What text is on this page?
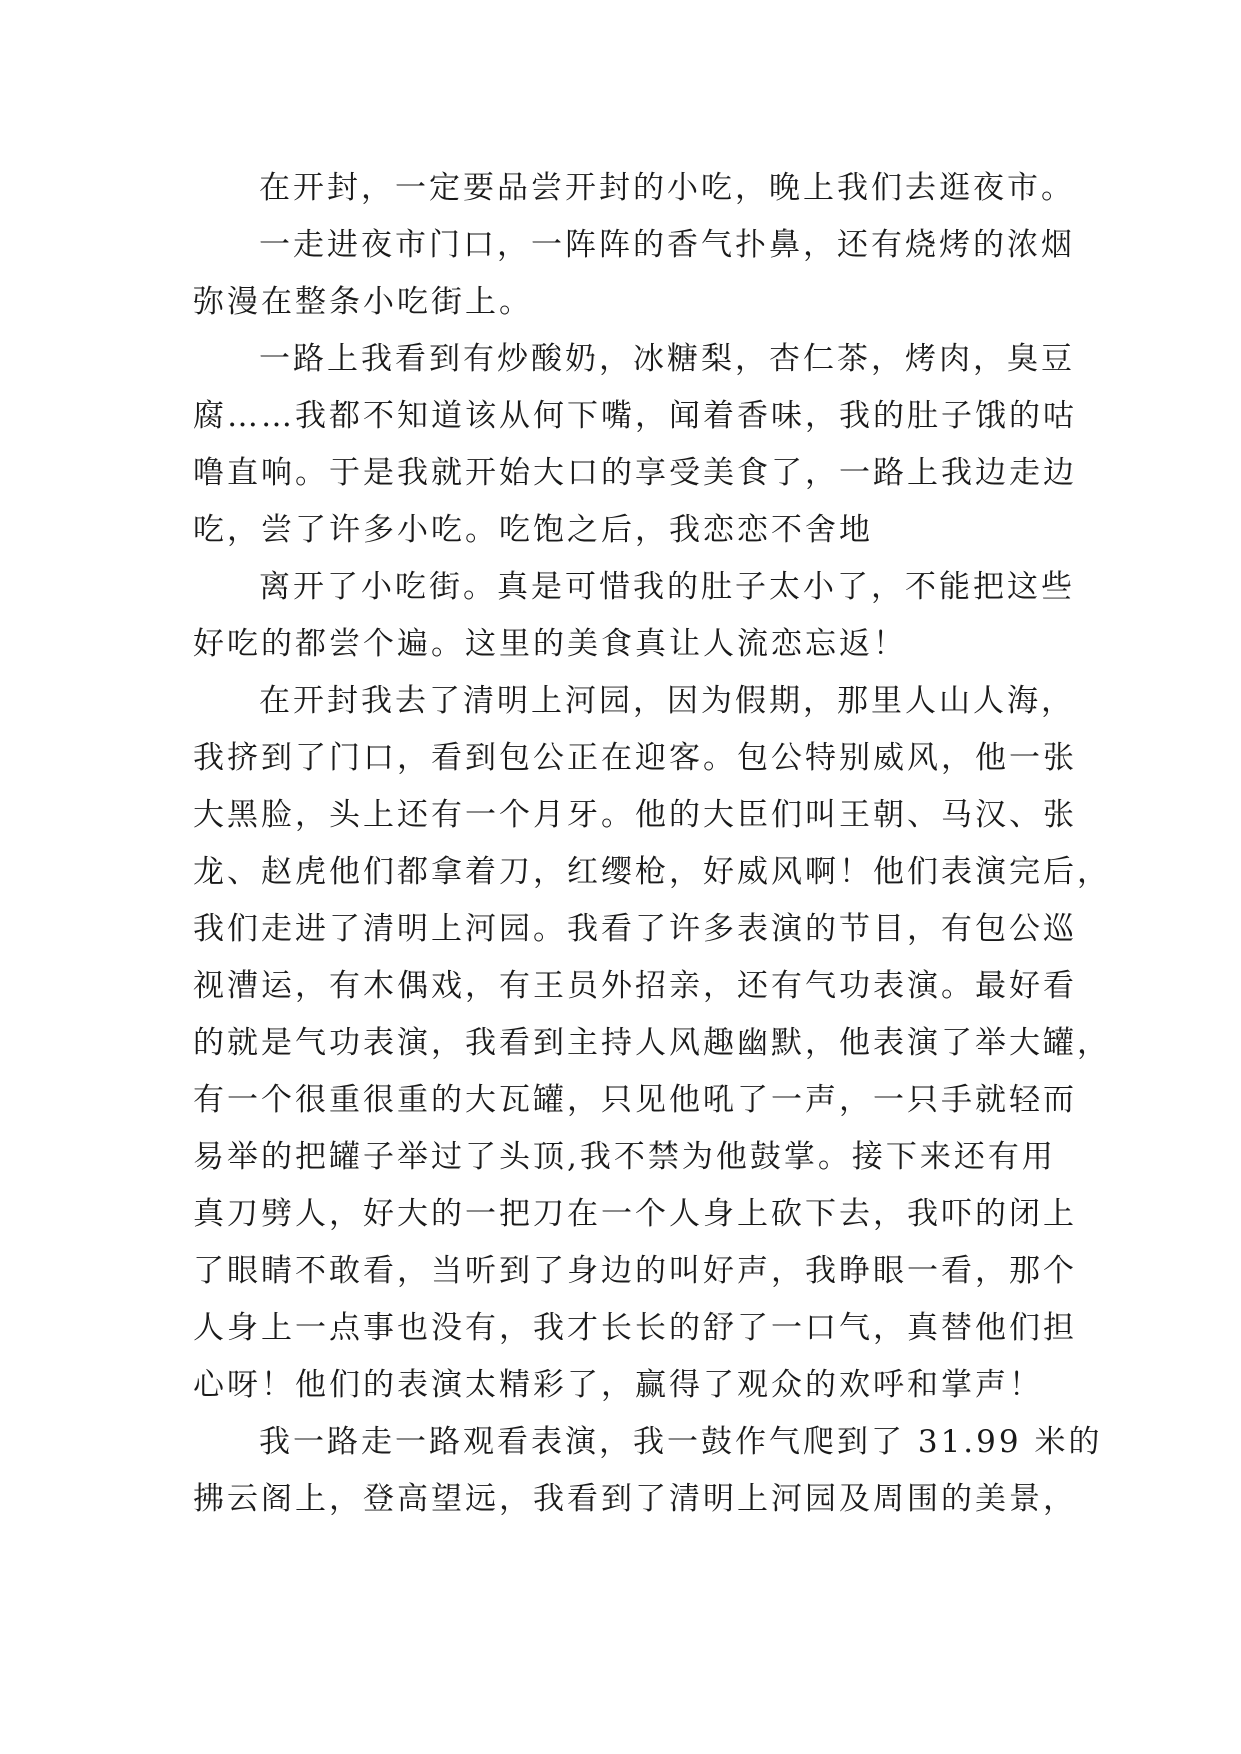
在开封，一定要品尝开封的小吃，晚上我们去逛夜市。

一走进夜市门口，一阵阵的香气扑鼻，还有烧烤的浓烟
弥漫在整条小吃街上。

一路上我看到有炒酸奶，冰糖梨，杏仁茶，烤肉，臭豆
腐……我都不知道该从何下嘴，闻着香味，我的肚子饿的咕
噜直响。于是我就开始大口的享受美食了，一路上我边走边
吃，尝了许多小吃。吃饱之后，我恋恋不舍地

离开了小吃街。真是可惜我的肚子太小了，不能把这些
好吃的都尝个遍。这里的美食真让人流恋忘返！

在开封我去了清明上河园，因为假期，那里人山人海，
我挤到了门口，看到包公正在迎客。包公特别威风，他一张
大黑脸，头上还有一个月牙。他的大臣们叫王朝、马汉、张
龙、赵虎他们都拿着刀，红缨枪，好威风啊！他们表演完后，
我们走进了清明上河园。我看了许多表演的节目，有包公巡
视漕运，有木偶戏，有王员外招亲，还有气功表演。最好看
的就是气功表演，我看到主持人风趣幽默，他表演了举大罐，
有一个很重很重的大瓦罐，只见他吼了一声，一只手就轻而
易举的把罐子举过了头顶,我不禁为他鼓掌。接下来还有用
真刀劈人，好大的一把刀在一个人身上砍下去，我吓的闭上
了眼睛不敢看，当听到了身边的叫好声，我睁眼一看，那个
人身上一点事也没有，我才长长的舒了一口气，真替他们担
心呀！他们的表演太精彩了，赢得了观众的欢呼和掌声！

我一路走一路观看表演，我一鼓作气爬到了 31.99 米的
拂云阁上，登高望远，我看到了清明上河园及周围的美景，
